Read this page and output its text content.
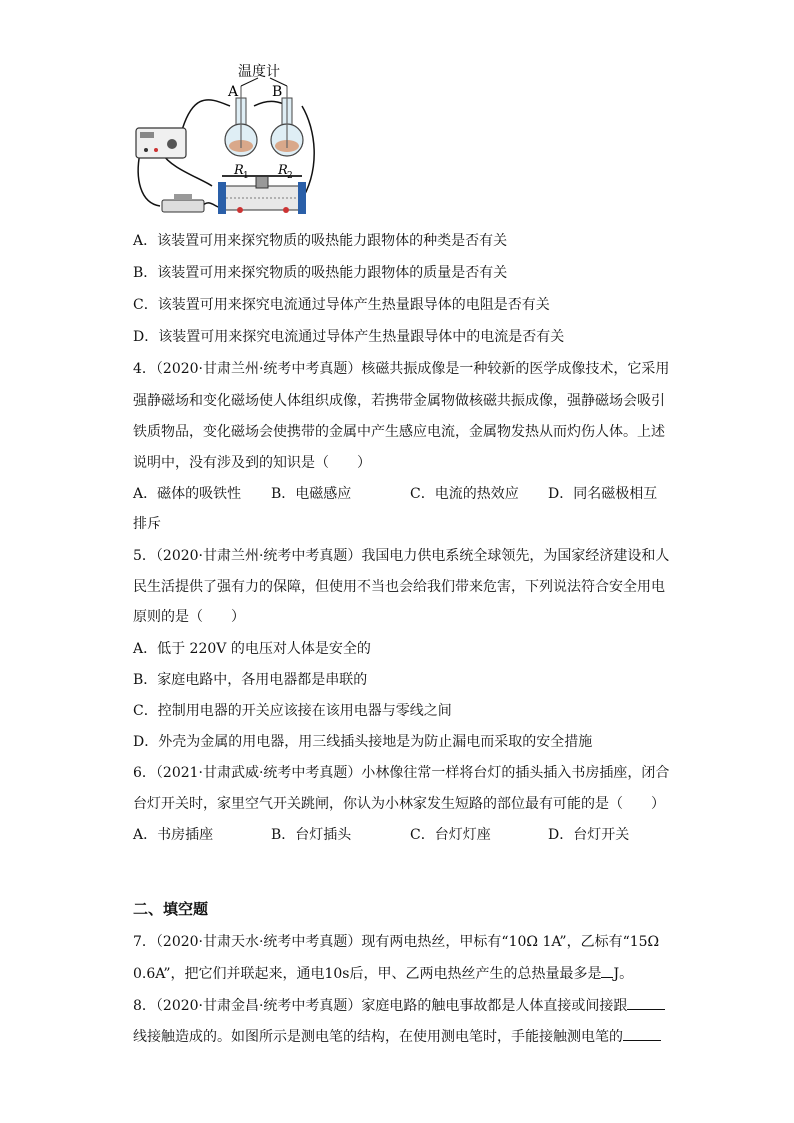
温度计
A B
R 1 R 2
A．该装置可用来探究物质的吸热能力跟物体的种类是否有关
B．该装置可用来探究物质的吸热能力跟物体的质量是否有关
C．该装置可用来探究电流通过导体产生热量跟导体的电阻是否有关
D．该装置可用来探究电流通过导体产生热量跟导体中的电流是否有关
4．（2020·甘肃兰州·统考中考真题）核磁共振成像是一种较新的医学成像技术，它采用
强静磁场和变化磁场使人体组织成像，若携带金属物做核磁共振成像，强静磁场会吸引
铁质物品，变化磁场会使携带的金属中产生感应电流，金属物发热从而灼伤人体。上述
说明中，没有涉及到的知识是（　　）
A．磁体的吸铁性 B．电磁感应	C．电流的热效应 D．同名磁极相互
排斥
5．（2020·甘肃兰州·统考中考真题）我国电力供电系统全球领先，为国家经济建设和人
民生活提供了强有力的保障，但使用不当也会给我们带来危害，下列说法符合安全用电
原则的是（　　）
A．低于 220V 的电压对人体是安全的
B．家庭电路中，各用电器都是串联的
C．控制用电器的开关应该接在该用电器与零线之间
D．外壳为金属的用电器，用三线插头接地是为防止漏电而采取的安全措施
6．（2021·甘肃武威·统考中考真题）小林像往常一样将台灯的插头插入书房插座，闭合
台灯开关时，家里空气开关跳闸，你认为小林家发生短路的部位最有可能的是（　　）
A．书房插座	B．台灯插头	C．台灯灯座	D．台灯开关
二、填空题
7．（2020·甘肃天水·统考中考真题）现有两电热丝，甲标有“10Ω 1A”，乙标有“15Ω
0.6A”，把它们并联起来，通电10s后，甲、乙两电热丝产生的总热量最多是 J。
8．（2020·甘肃金昌·统考中考真题）家庭电路的触电事故都是人体直接或间接跟
线接触造成的。如图所示是测电笔的结构，在使用测电笔时，手能接触测电笔的
